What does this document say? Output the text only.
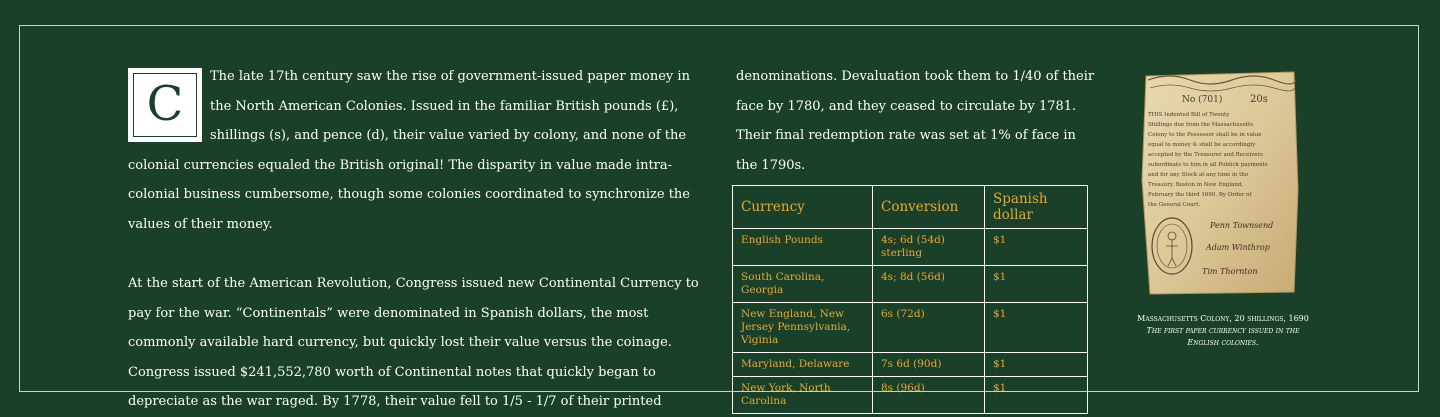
C	The late 17th century saw the rise of government-issued paper money in the North American Colonies. Issued in the familiar British pounds (£), shillings (s), and pence (d), their value varied by colony, and none of the colonial currencies equaled the British original! The disparity in value made intra-colonial business cumbersome, though some colonies coordinated to synchronize the values of their money.

At the start of the American Revolution, Congress issued new Continental Currency to pay for the war. “Continentals” were denominated in Spanish dollars, the most commonly available hard currency, but quickly lost their value versus the coinage. Congress issued $241,552,780 worth of Continental notes that quickly began to depreciate as the war raged. By 1778, their value fell to 1/5 - 1/7 of their printed

denominations. Devaluation took them to 1/40 of their face by 1780, and they ceased to circulate by 1781. Their final redemption rate was set at 1% of face in the 1790s.

Currency	Conversion	Spanish dollar
English Pounds	4s; 6d (54d) sterling	$1
South Carolina, Georgia	4s; 8d (56d)	$1
New England, New Jersey Pennsylvania, Viginia	6s (72d)	$1
Maryland, Delaware	7s 6d (90d)	$1
New York, North Carolina	8s (96d)	$1
No (701)	20s
THIS Indented Bill of Twenty
Shillings due from the Massachusetts
Colony to the Possessor shall be in value
equal to money & shall be accordingly
accepted by the Treasurer and Receivers
subordinate to him in all Publick payments
and for any Stock at any time in the
Treasury. Boston in New England,
February the third 1690. By Order of
the General Court.
Penn Townsend
Adam Winthrop
Tim Thornton
Massachusetts Colony, 20 shillings, 1690
The first paper currency issued in the
English colonies.
